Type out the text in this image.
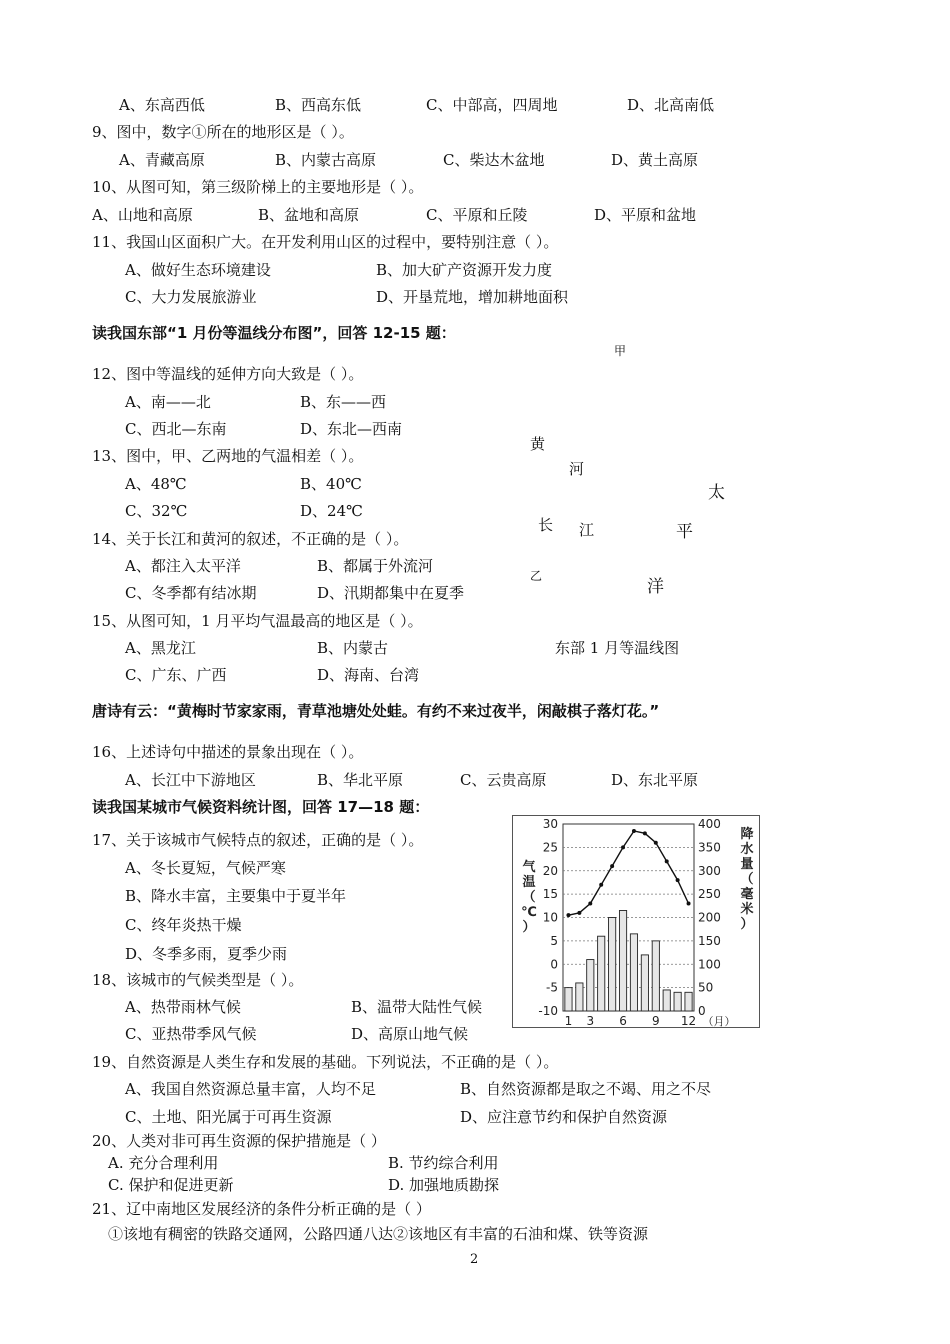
A、东高西低	B、西高东低	C、中部高，四周地	D、北高南低
9、图中，数字①所在的地形区是（ ）。
A、青藏高原	B、内蒙古高原	C、柴达木盆地	D、黄土高原
10、从图可知，第三级阶梯上的主要地形是（ ）。
A、山地和高原	B、盆地和高原	C、平原和丘陵	D、平原和盆地
11、我国山区面积广大。在开发利用山区的过程中，要特别注意（ ）。
A、做好生态环境建设	B、加大矿产资源开发力度
C、大力发展旅游业	D、开垦荒地，增加耕地面积
读我国东部“1 月份等温线分布图”，回答 12-15 题：
甲
黄
河
太
长 江	平
乙
洋
东部 1 月等温线图
12、图中等温线的延伸方向大致是（ ）。
A、南——北	B、东——西
C、西北—东南	D、东北—西南
13、图中，甲、乙两地的气温相差（ ）。
A、48℃	B、40℃
C、32℃	D、24℃
14、关于长江和黄河的叙述，不正确的是（ ）。
A、都注入太平洋	B、都属于外流河
C、冬季都有结冰期	D、汛期都集中在夏季
15、从图可知，1 月平均气温最高的地区是（ ）。
A、黑龙江	B、内蒙古
C、广东、广西	D、海南、台湾
唐诗有云：“黄梅时节家家雨，青草池塘处处蛙。有约不来过夜半，闲敲棋子落灯花。”
16、上述诗句中描述的景象出现在（ ）。
A、长江中下游地区	B、华北平原	C、云贵高原	D、东北平原
读我国某城市气候资料统计图，回答 17—18 题：
17、关于该城市气候特点的叙述，正确的是（ ）。
A、冬长夏短，气候严寒
B、降水丰富，主要集中于夏半年
C、终年炎热干燥
D、冬季多雨，夏季少雨
18、该城市的气候类型是（ ）。
A、热带雨林气候	B、温带大陆性气候
C、亚热带季风气候	D、高原山地气候
19、自然资源是人类生存和发展的基础。下列说法，不正确的是（ ）。
A、我国自然资源总量丰富，人均不足	B、自然资源都是取之不竭、用之不尽
C、土地、阳光属于可再生资源	D、应注意节约和保护自然资源
20、人类对非可再生资源的保护措施是（ ）
A. 充分合理利用	B. 节约综合利用
C. 保护和促进更新	D. 加强地质勘探
21、辽中南地区发展经济的条件分析正确的是（ ）
①该地有稠密的铁路交通网，公路四通八达②该地区有丰富的石油和煤、铁等资源
2
30
25
20
15
10
5
0
-5
-10
400
350
300
250
200
150
100
50
0
1 3 6 9 12 （月）
气温（℃）
降水量（毫米）
